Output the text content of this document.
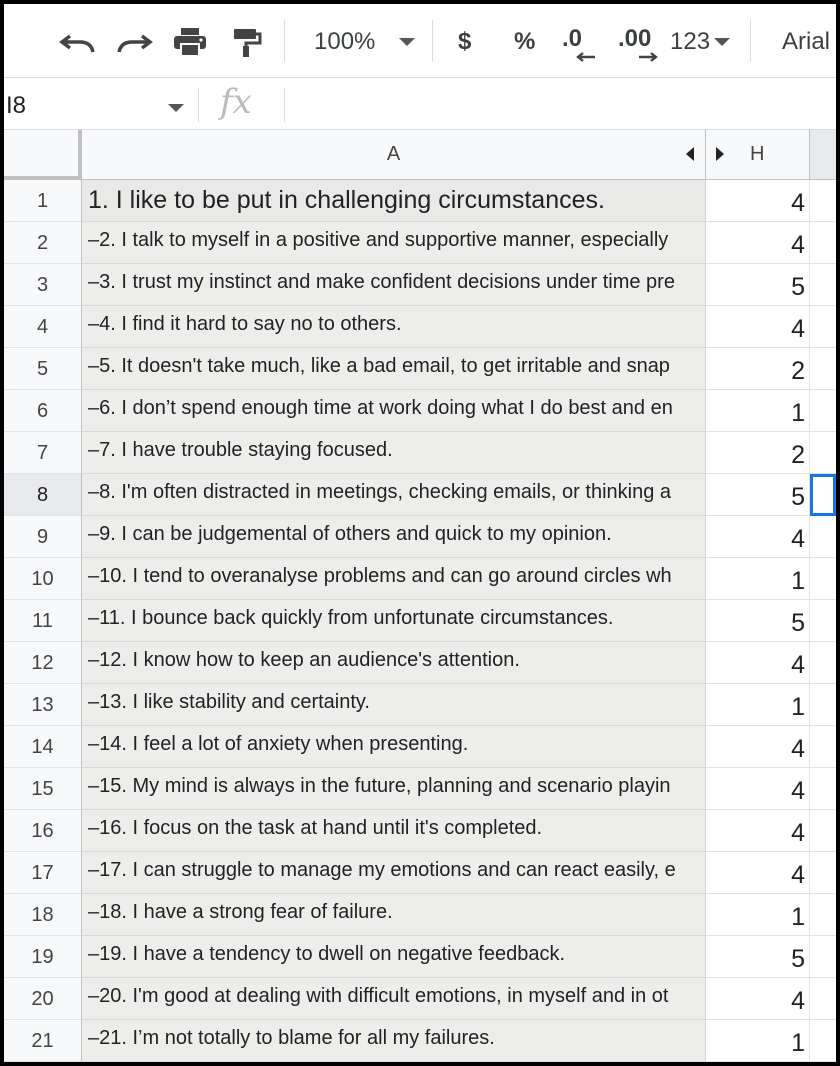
100%	$ % .0 .00 123	Arial
I8	fx
A	H
1	1. I like to be put in challenging circumstances.	4
2	–2. I talk to myself in a positive and supportive manner, especially	4
3	–3. I trust my instinct and make confident decisions under time pre	5
4	–4. I find it hard to say no to others.	4
5	–5. It doesn't take much, like a bad email, to get irritable and snap	2
6	–6. I don’t spend enough time at work doing what I do best and en	1
7	–7. I have trouble staying focused.	2
8	–8. I'm often distracted in meetings, checking emails, or thinking a	5
9	–9. I can be judgemental of others and quick to my opinion.	4
10	–10. I tend to overanalyse problems and can go around circles wh	1
11	–11. I bounce back quickly from unfortunate circumstances.	5
12	–12. I know how to keep an audience's attention.	4
13	–13. I like stability and certainty.	1
14	–14. I feel a lot of anxiety when presenting.	4
15	–15. My mind is always in the future, planning and scenario playin	4
16	–16. I focus on the task at hand until it's completed.	4
17	–17. I can struggle to manage my emotions and can react easily, e	4
18	–18. I have a strong fear of failure.	1
19	–19. I have a tendency to dwell on negative feedback.	5
20	–20. I'm good at dealing with difficult emotions, in myself and in ot	4
21	–21. I’m not totally to blame for all my failures.	1
